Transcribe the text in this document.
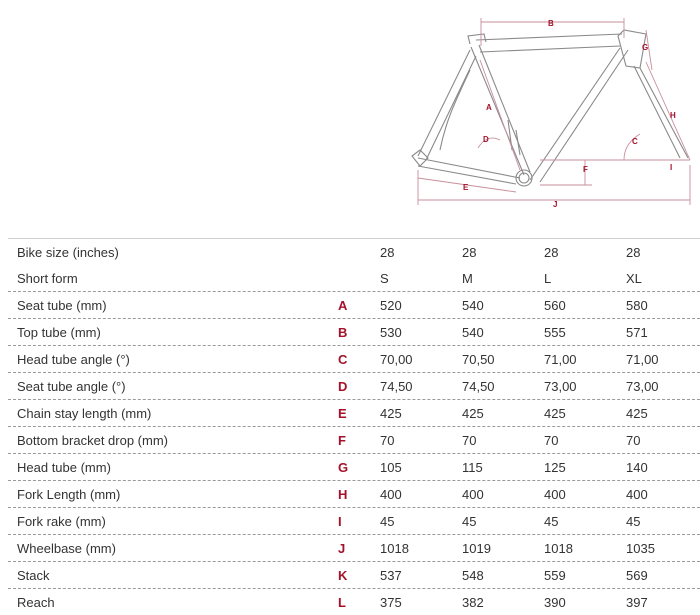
B
G
A
H
D	C
F	I
E
J
Bike size (inches)	28	28	28	28
Short form	S	M	L	XL
Seat tube (mm)	A	520	540	560	580
Top tube (mm)	B	530	540	555	571
Head tube angle (°)	C	70,00	70,50	71,00	71,00
Seat tube angle (°)	D	74,50	74,50	73,00	73,00
Chain stay length (mm)	E	425	425	425	425
Bottom bracket drop (mm)	F	70	70	70	70
Head tube (mm)	G 105	115	125	140
Fork Length (mm)	H	400	400	400	400
Fork rake (mm)	I	45	45	45	45
Wheelbase (mm)	J	1018	1019	1018	1035
Stack	K	537	548	559	569
Reach	L	375	382	390	397
